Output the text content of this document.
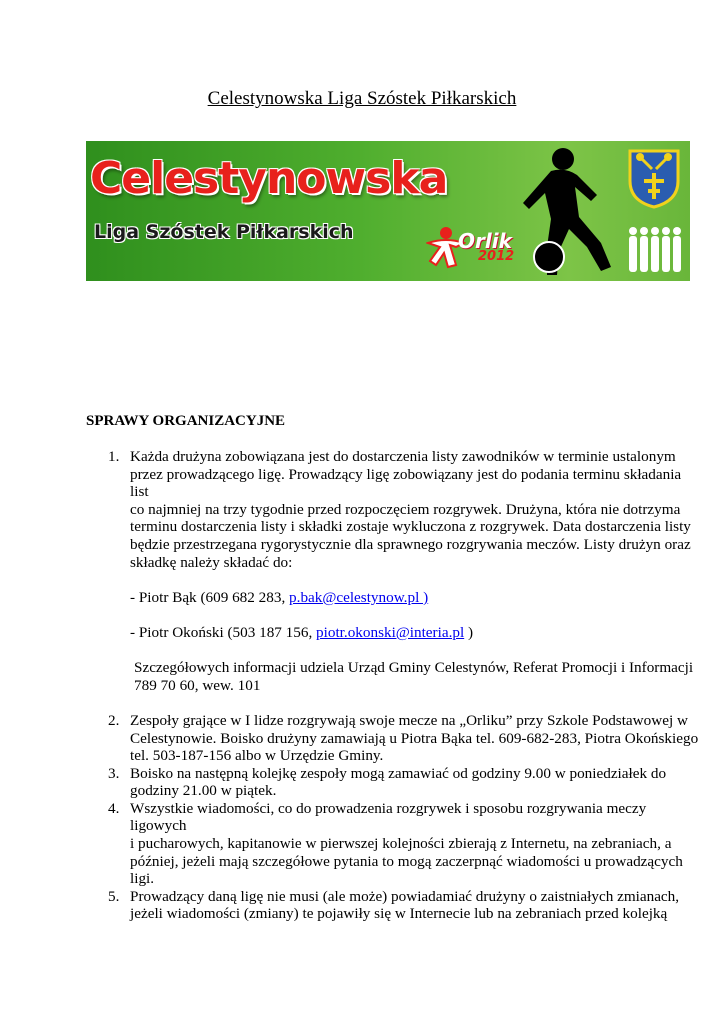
Celestynowska Liga Szóstek Piłkarskich
Celestynowska
Liga Szóstek Piłkarskich	Orlik
2012
SPRAWY ORGANIZACYJNE
1. Każda drużyna zobowiązana jest do dostarczenia listy zawodników w terminie ustalonym
przez prowadzącego ligę. Prowadzący ligę zobowiązany jest do podania terminu składania list
co najmniej na trzy tygodnie przed rozpoczęciem rozgrywek. Drużyna, która nie dotrzyma
terminu dostarczenia listy i składki zostaje wykluczona z rozgrywek. Data dostarczenia listy
będzie przestrzegana rygorystycznie dla sprawnego rozgrywania meczów. Listy drużyn oraz
składkę należy składać do:
- Piotr Bąk (609 682 283, p.bak@celestynow.pl )
- Piotr Okoński (503 187 156, piotr.okonski@interia.pl )
Szczegółowych informacji udziela Urząd Gminy Celestynów, Referat Promocji i Informacji
789 70 60, wew. 101
2. Zespoły grające w I lidze rozgrywają swoje mecze na „Orliku” przy Szkole Podstawowej w
Celestynowie. Boisko drużyny zamawiają u Piotra Bąka tel. 609-682-283, Piotra Okońskiego
tel. 503-187-156 albo w Urzędzie Gminy.
3. Boisko na następną kolejkę zespoły mogą zamawiać od godziny 9.00 w poniedziałek do
godziny 21.00 w piątek.
4. Wszystkie wiadomości, co do prowadzenia rozgrywek i sposobu rozgrywania meczy ligowych
i pucharowych, kapitanowie w pierwszej kolejności zbierają z Internetu, na zebraniach, a
później, jeżeli mają szczegółowe pytania to mogą zaczerpnąć wiadomości u prowadzących
ligi.
5. Prowadzący daną ligę nie musi (ale może) powiadamiać drużyny o zaistniałych zmianach,
jeżeli wiadomości (zmiany) te pojawiły się w Internecie lub na zebraniach przed kolejką
